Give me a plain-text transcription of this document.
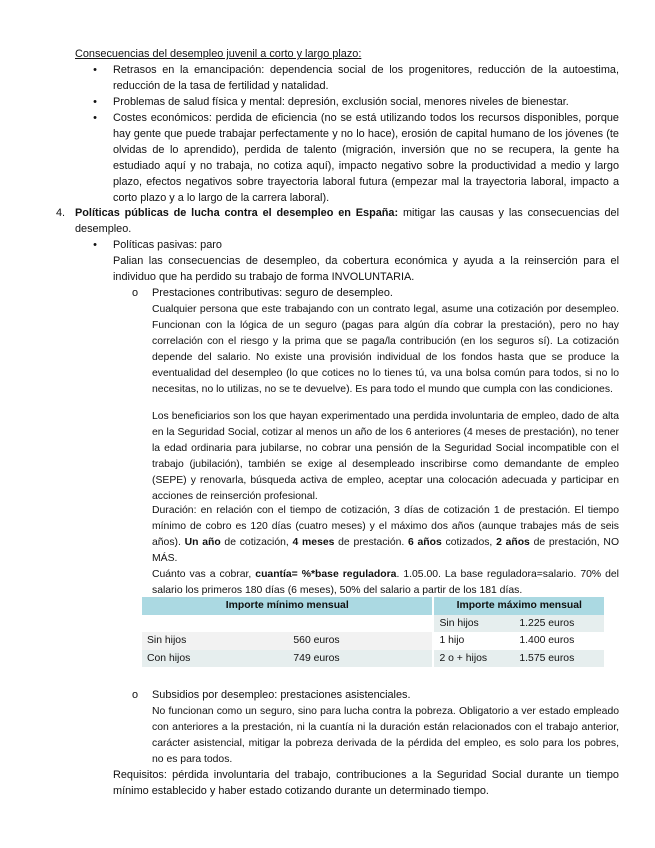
Consecuencias del desempleo juvenil a corto y largo plazo:

• Retrasos en la emancipación: dependencia social de los progenitores, reducción de la autoestima, reducción de la tasa de fertilidad y natalidad.

• Problemas de salud física y mental: depresión, exclusión social, menores niveles de bienestar.

• Costes económicos: perdida de eficiencia (no se está utilizando todos los recursos disponibles, porque hay gente que puede trabajar perfectamente y no lo hace), erosión de capital humano de los jóvenes (te olvidas de lo aprendido), perdida de talento (migración, inversión que no se recupera, la gente ha estudiado aquí y no trabaja, no cotiza aquí), impacto negativo sobre la productividad a medio y largo plazo, efectos negativos sobre trayectoria laboral futura (empezar mal la trayectoria laboral, impacto a corto plazo y a lo largo de la carrera laboral).

4. Políticas públicas de lucha contra el desempleo en España: mitigar las causas y las consecuencias del desempleo.

• Políticas pasivas: paro

Palian las consecuencias de desempleo, da cobertura económica y ayuda a la reinserción para el individuo que ha perdido su trabajo de forma INVOLUNTARIA.

o Prestaciones contributivas: seguro de desempleo.

Cualquier persona que este trabajando con un contrato legal, asume una cotización por desempleo. Funcionan con la lógica de un seguro (pagas para algún día cobrar la prestación), pero no hay correlación con el riesgo y la prima que se paga/la contribución (en los seguros sí). La cotización depende del salario. No existe una provisión individual de los fondos hasta que se produce la eventualidad del desempleo (lo que cotices no lo tienes tú, va una bolsa común para todos, si no lo necesitas, no lo utilizas, no se te devuelve). Es para todo el mundo que cumpla con las condiciones.

Los beneficiarios son los que hayan experimentado una perdida involuntaria de empleo, dado de alta en la Seguridad Social, cotizar al menos un año de los 6 anteriores (4 meses de prestación), no tener la edad ordinaria para jubilarse, no cobrar una pensión de la Seguridad Social incompatible con el trabajo (jubilación), también se exige al desempleado inscribirse como demandante de empleo (SEPE) y renovarla, búsqueda activa de empleo, aceptar una colocación adecuada y participar en acciones de reinserción profesional.

Duración: en relación con el tiempo de cotización, 3 días de cotización 1 de prestación. El tiempo mínimo de cobro es 120 días (cuatro meses) y el máximo dos años (aunque trabajes más de seis años). Un año de cotización, 4 meses de prestación. 6 años cotizados, 2 años de prestación, NO MÁS.

Cuánto vas a cobrar, cuantía= %*base reguladora. 1.05.00. La base reguladora=salario. 70% del salario los primeros 180 días (6 meses), 50% del salario a partir de los 181 días.

Importe mínimo mensual		Importe máximo mensual	
		Sin hijos	1.225 euros
Sin hijos	560 euros	1 hijo	1.400 euros
Con hijos	749 euros	2 o + hijos	1.575 euros
o Subsidios por desempleo: prestaciones asistenciales.

No funcionan como un seguro, sino para lucha contra la pobreza. Obligatorio a ver estado empleado con anteriores a la prestación, ni la cuantía ni la duración están relacionados con el trabajo anterior, carácter asistencial, mitigar la pobreza derivada de la pérdida del empleo, es solo para los pobres, no es para todos.

Requisitos: pérdida involuntaria del trabajo, contribuciones a la Seguridad Social durante un tiempo mínimo establecido y haber estado cotizando durante un determinado tiempo.
